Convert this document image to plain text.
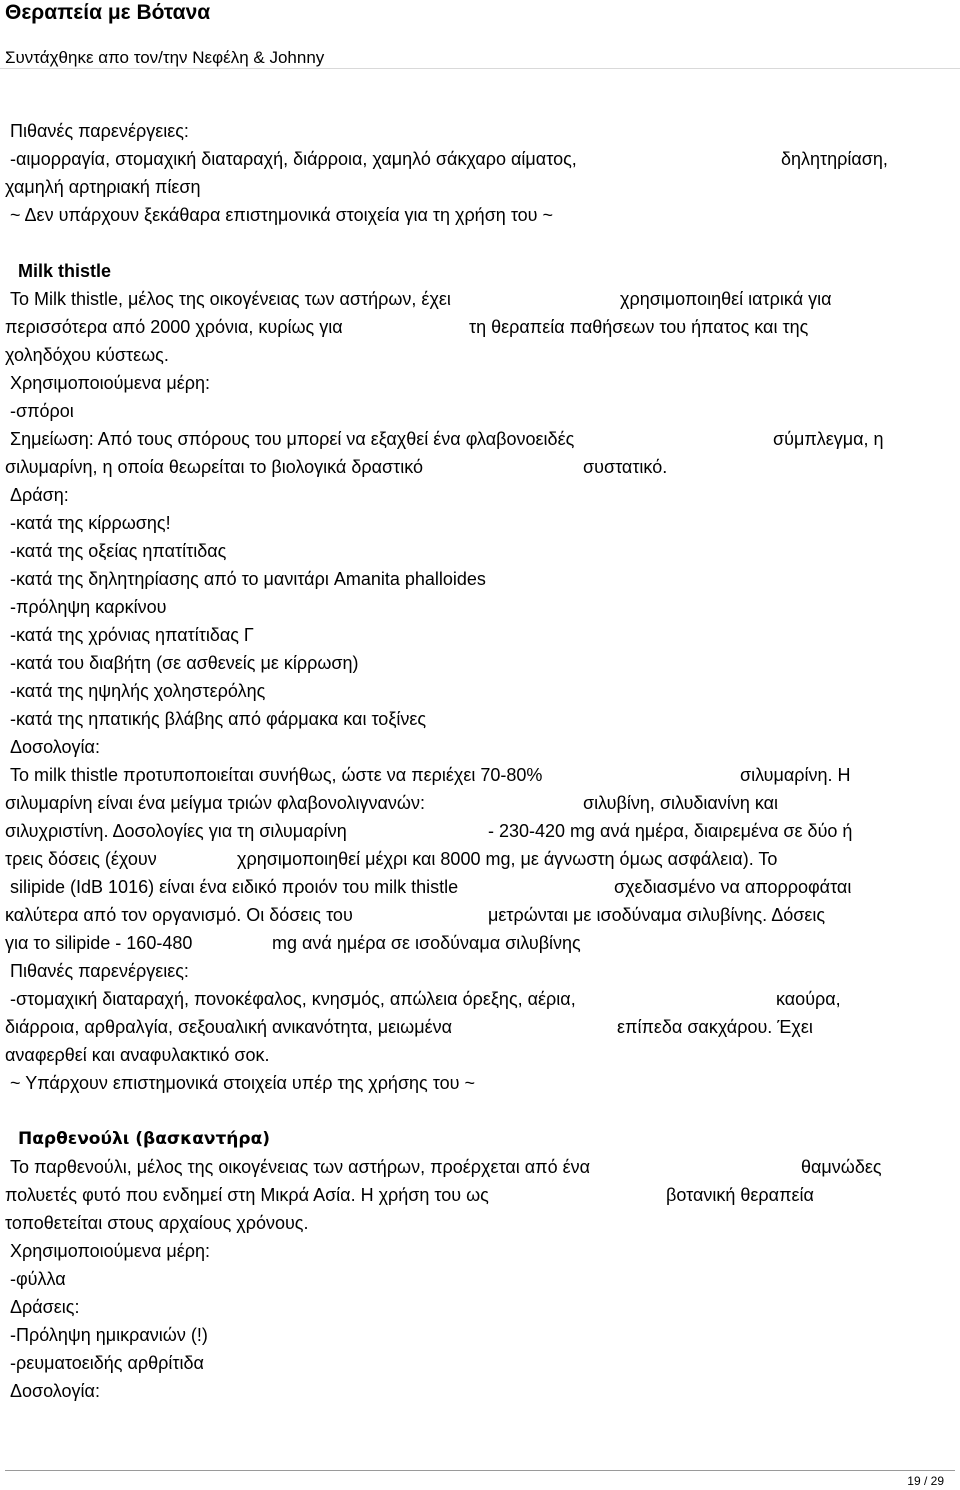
Θεραπεία με Βότανα
Συντάχθηκε απο τον/την Νεφέλη & Johnny
Πιθανές παρενέργειες:
-αιμορραγία, στομαχική διαταραχή, διάρροια, χαμηλό σάκχαρο αίματος,	δηλητηρίαση,
χαμηλή αρτηριακή πίεση
~ Δεν υπάρχουν ξεκάθαρα επιστημονικά στοιχεία για τη χρήση του ~
Milk thistle
Το Milk thistle, μέλος της οικογένειας των αστήρων, έχει	χρησιμοποιηθεί ιατρικά για
περισσότερα από 2000 χρόνια, κυρίως για	τη θεραπεία παθήσεων του ήπατος και της
χοληδόχου κύστεως.
Χρησιμοποιούμενα μέρη:
-σπόροι
Σημείωση: Από τους σπόρους του μπορεί να εξαχθεί ένα φλαβονοειδές	σύμπλεγμα, η
σιλυμαρίνη, η οποία θεωρείται το βιολογικά δραστικό	συστατικό.
Δράση:
-κατά της κίρρωσης!
-κατά της οξείας ηπατίτιδας
-κατά της δηλητηρίασης από το μανιτάρι Amanita phalloides
-πρόληψη καρκίνου
-κατά της χρόνιας ηπατίτιδας Γ
-κατά του διαβήτη (σε ασθενείς με κίρρωση)
-κατά της ηψηλής χοληστερόλης
-κατά της ηπατικής βλάβης από φάρμακα και τοξίνες
Δοσολογία:
Το milk thistle προτυποποιείται συνήθως, ώστε να περιέχει 70-80%	σιλυμαρίνη. Η
σιλυμαρίνη είναι ένα μείγμα τριών φλαβονολιγνανών:	σιλυβίνη, σιλυδιανίνη και
σιλυχριστίνη. Δοσολογίες για τη σιλυμαρίνη	- 230-420 mg ανά ημέρα, διαιρεμένα σε δύο ή
τρεις δόσεις (έχουν	χρησιμοποιηθεί μέχρι και 8000 mg, με άγνωστη όμως ασφάλεια). Το
silipide (IdB 1016) είναι ένα ειδικό προιόν του milk thistle	σχεδιασμένο να απορροφάται
καλύτερα από τον οργανισμό. Οι δόσεις του	μετρώνται με ισοδύναμα σιλυβίνης. Δόσεις
για το silipide - 160-480	mg ανά ημέρα σε ισοδύναμα σιλυβίνης
Πιθανές παρενέργειες:
-στομαχική διαταραχή, πονοκέφαλος, κνησμός, απώλεια όρεξης, αέρια,	καούρα,
διάρροια, αρθραλγία, σεξουαλική ανικανότητα, μειωμένα	επίπεδα σακχάρου. Έχει
αναφερθεί και αναφυλακτικό σοκ.
~ Υπάρχουν επιστημονικά στοιχεία υπέρ της χρήσης του ~
Παρθενούλι (βασκαντήρα)
Το παρθενούλι, μέλος της οικογένειας των αστήρων, προέρχεται από ένα	θαμνώδες
πολυετές φυτό που ενδημεί στη Μικρά Ασία. Η χρήση του ως	βοτανική θεραπεία
τοποθετείται στους αρχαίους χρόνους.
Χρησιμοποιούμενα μέρη:
-φύλλα
Δράσεις:
-Πρόληψη ημικρανιών (!)
-ρευματοειδής αρθρίτιδα
Δοσολογία:
19 / 29
